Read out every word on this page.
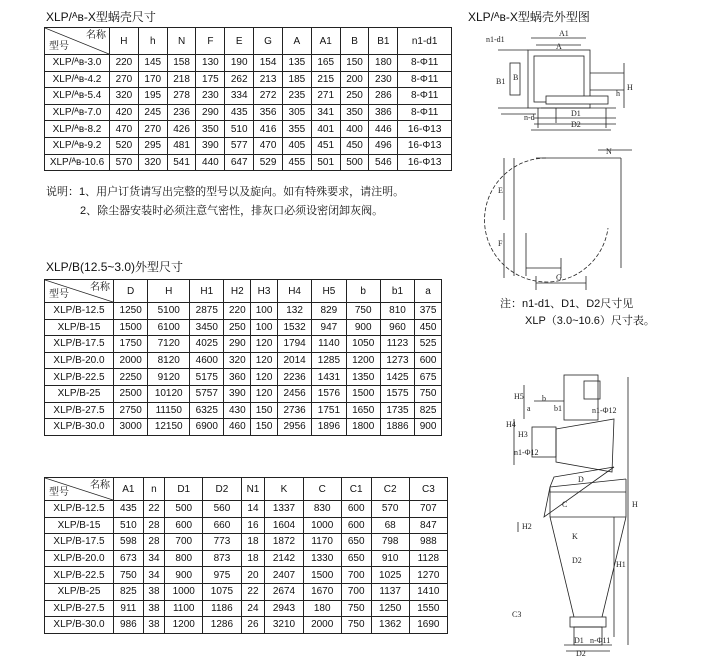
XLP/ᴬʙ-X型蜗壳尺寸
名称
型号	H	h	N	F	E	G	A	A1	B	B1	n1-d1
XLP/ᴬʙ-3.0	220	145	158	130	190	154	135	165	150	180	8-Φ11
XLP/ᴬʙ-4.2	270	170	218	175	262	213	185	215	200	230	8-Φ11
XLP/ᴬʙ-5.4	320	195	278	230	334	272	235	271	250	286	8-Φ11
XLP/ᴬʙ-7.0	420	245	236	290	435	356	305	341	350	386	8-Φ11
XLP/ᴬʙ-8.2	470	270	426	350	510	416	355	401	400	446	16-Φ13
XLP/ᴬʙ-9.2	520	295	481	390	577	470	405	451	450	496	16-Φ13
XLP/ᴬʙ-10.6	570	320	541	440	647	529	455	501	500	546	16-Φ13
说明：1、用户订货请写出完整的型号以及旋向。如有特殊要求，请注明。
2、除尘器安装时必须注意气密性，排灰口必须设密闭卸灰阀。
XLP/B(12.5~3.0)外型尺寸
名称
型号	D	H	H1	H2	H3	H4	H5	b	b1	a
XLP/B-12.5	1250	5100	2875	220	100	132	829	750	810	375
XLP/B-15	1500	6100	3450	250	100	1532	947	900	960	450
XLP/B-17.5	1750	7120	4025	290	120	1794	1140	1050	1123	525
XLP/B-20.0	2000	8120	4600	320	120	2014	1285	1200	1273	600
XLP/B-22.5	2250	9120	5175	360	120	2236	1431	1350	1425	675
XLP/B-25	2500	10120	5757	390	120	2456	1576	1500	1575	750
XLP/B-27.5	2750	11150	6325	430	150	2736	1751	1650	1735	825
XLP/B-30.0	3000	12150	6900	460	150	2956	1896	1800	1886	900
名称
型号	A1	n	D1	D2	N1	K	C	C1	C2	C3
XLP/B-12.5	435	22	500	560	14	1337	830	600	570	707
XLP/B-15	510	28	600	660	16	1604	1000	600	68	847
XLP/B-17.5	598	28	700	773	18	1872	1170	650	798	988
XLP/B-20.0	673	34	800	873	18	2142	1330	650	910	1128
XLP/B-22.5	750	34	900	975	20	2407	1500	700	1025	1270
XLP/B-25	825	38	1000	1075	22	2674	1670	700	1137	1410
XLP/B-27.5	911	38	1100	1186	24	2943	180	750	1250	1550
XLP/B-30.0	986	38	1200	1286	26	3210	2000	750	1362	1690
XLP/ᴬʙ-X型蜗壳外型图
A1
A
n1-d1
B1 B
H
h
n-d	D1
D2
N
E
F
G
注：n1-d1、D1、D2尺寸见
XLP（3.0~10.6）尺寸表。
H5
H4
b
a	b1	n1-Φ12
n1-Φ12
H3
D
H
C
H2
K
D2	H1
C3
D1
D2
n-Φ11
